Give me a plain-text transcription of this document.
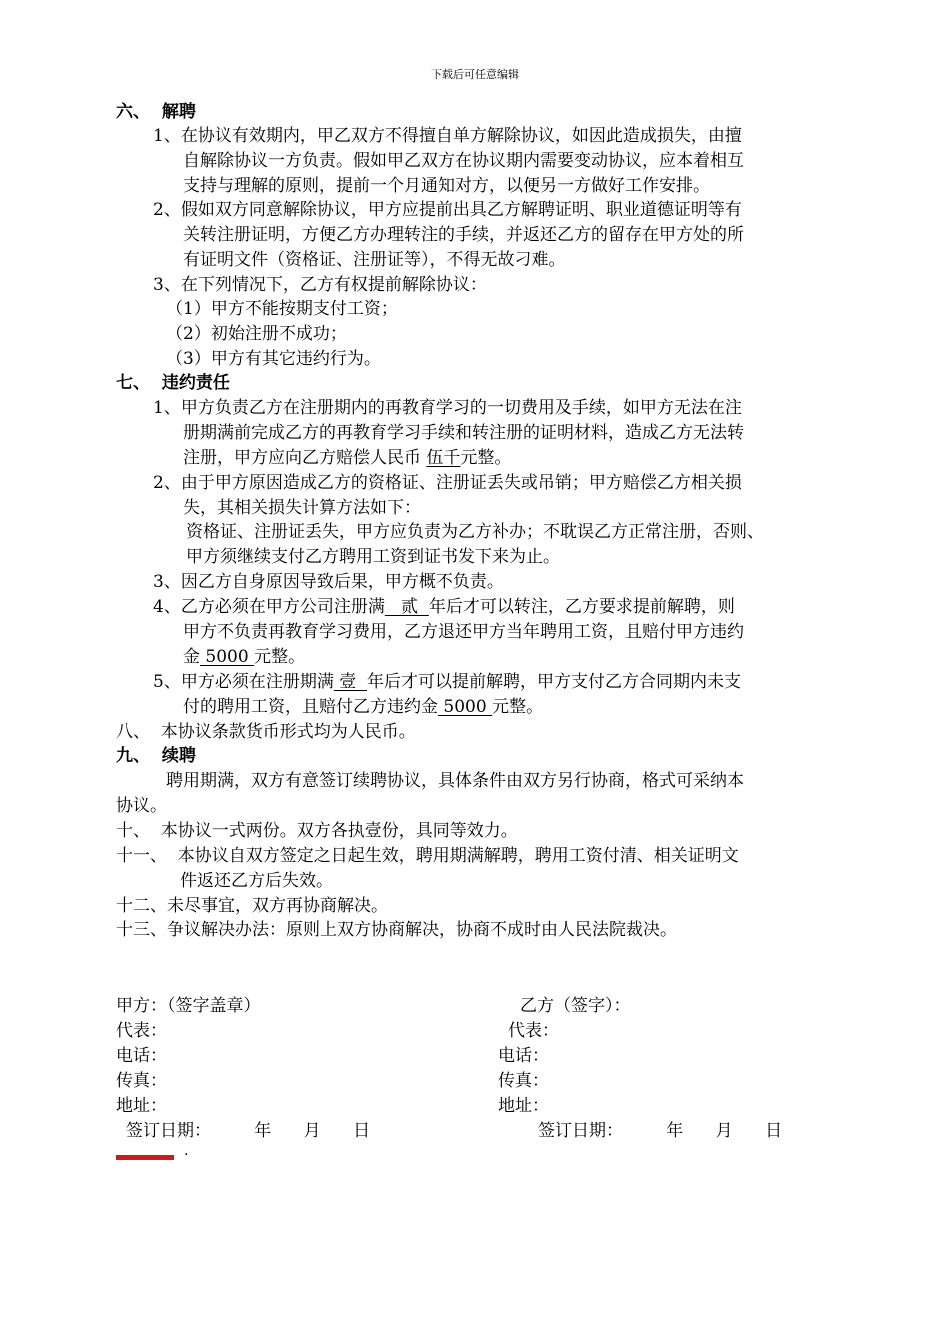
下载后可任意编辑
六、  解聘
1、在协议有效期内，甲乙双方不得擅自单方解除协议，如因此造成损失，由擅
自解除协议一方负责。假如甲乙双方在协议期内需要变动协议，应本着相互
支持与理解的原则，提前一个月通知对方，以便另一方做好工作安排。
2、假如双方同意解除协议，甲方应提前出具乙方解聘证明、职业道德证明等有
关转注册证明，方便乙方办理转注的手续，并返还乙方的留存在甲方处的所
有证明文件（资格证、注册证等），不得无故刁难。
3、在下列情况下，乙方有权提前解除协议：
（1）甲方不能按期支付工资；
（2）初始注册不成功；
（3）甲方有其它违约行为。
七、  违约责任
1、甲方负责乙方在注册期内的再教育学习的一切费用及手续，如甲方无法在注
册期满前完成乙方的再教育学习手续和转注册的证明材料，造成乙方无法转
注册，甲方应向乙方赔偿人民币 伍千元整。
2、由于甲方原因造成乙方的资格证、注册证丢失或吊销；甲方赔偿乙方相关损
失，其相关损失计算方法如下：
资格证、注册证丢失，甲方应负责为乙方补办；不耽误乙方正常注册，否则、
甲方须继续支付乙方聘用工资到证书发下来为止。
3、因乙方自身原因导致后果，甲方概不负责。
4、乙方必须在甲方公司注册满   贰  年后才可以转注，乙方要求提前解聘，则
甲方不负责再教育学习费用，乙方退还甲方当年聘用工资，且赔付甲方违约
金 5000 元整。
5、甲方必须在注册期满 壹  年后才可以提前解聘，甲方支付乙方合同期内未支
付的聘用工资，且赔付乙方违约金 5000 元整。
八、  本协议条款货币形式均为人民币。
九、  续聘
聘用期满，双方有意签订续聘协议，具体条件由双方另行协商，格式可采纳本
协议。
十、  本协议一式两份。双方各执壹份，具同等效力。
十一、  本协议自双方签定之日起生效，聘用期满解聘，聘用工资付清、相关证明文
件返还乙方后失效。
十二、未尽事宜，双方再协商解决。
十三、争议解决办法：原则上双方协商解决，协商不成时由人民法院裁决。
甲方：（签字盖章）	乙方（签字）：
代表：	代表：
电话：	电话：
传真：	传真：
地址：	地址：
签订日期：        年      月      日	签订日期：        年      月      日
.
